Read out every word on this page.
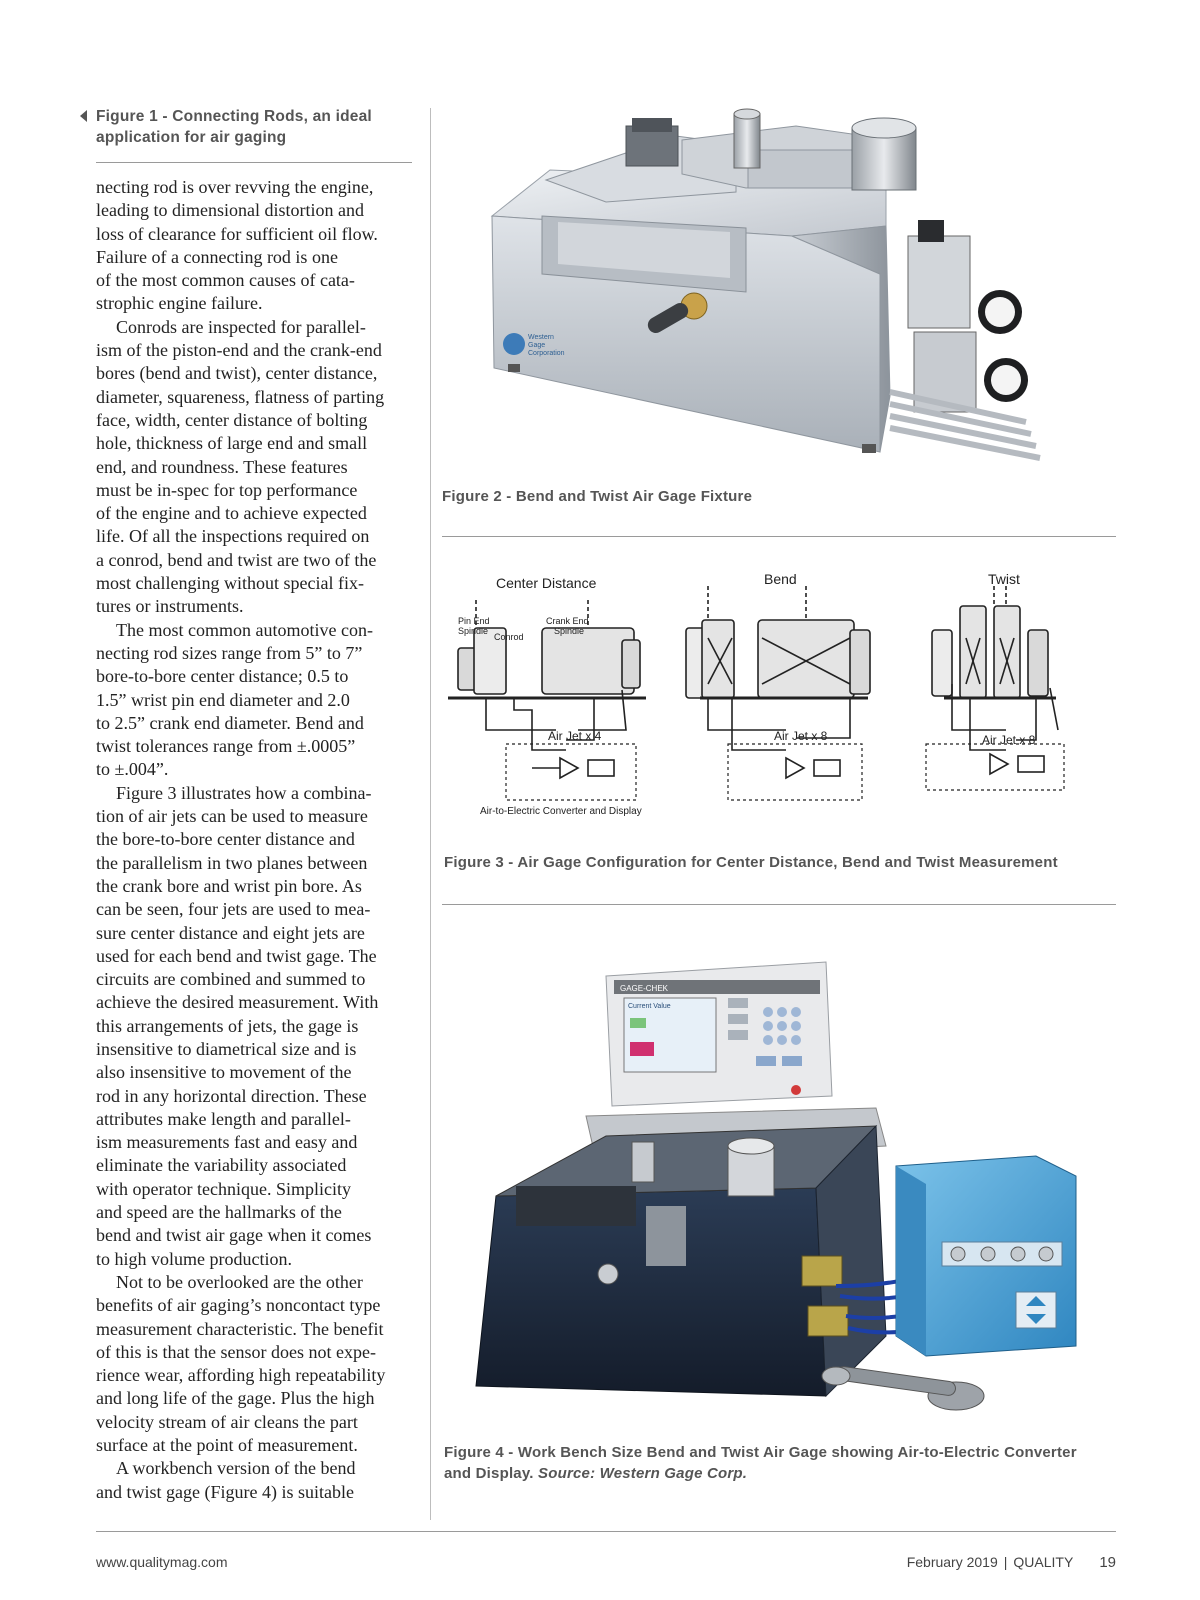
Figure 1 - Connecting Rods, an ideal
application for air gaging
necting rod is over revving the engine,
leading to dimensional distortion and
loss of clearance for sufficient oil flow.
Failure of a connecting rod is one
of the most common causes of cata-
strophic engine failure.
Conrods are inspected for parallel-
ism of the piston-end and the crank-end
bores (bend and twist), center distance,
diameter, squareness, flatness of parting
face, width, center distance of bolting
hole, thickness of large end and small
end, and roundness. These features
must be in-spec for top performance
of the engine and to achieve expected
life. Of all the inspections required on
a conrod, bend and twist are two of the
most challenging without special fix-
tures or instruments.
The most common automotive con-
necting rod sizes range from 5” to 7”
bore-to-bore center distance; 0.5 to
1.5” wrist pin end diameter and 2.0
to 2.5” crank end diameter. Bend and
twist tolerances range from ±.0005”
to ±.004”.
Figure 3 illustrates how a combina-
tion of air jets can be used to measure
the bore-to-bore center distance and
the parallelism in two planes between
the crank bore and wrist pin bore. As
can be seen, four jets are used to mea-
sure center distance and eight jets are
used for each bend and twist gage. The
circuits are combined and summed to
achieve the desired measurement. With
this arrangements of jets, the gage is
insensitive to diametrical size and is
also insensitive to movement of the
rod in any horizontal direction. These
attributes make length and parallel-
ism measurements fast and easy and
eliminate the variability associated
with operator technique. Simplicity
and speed are the hallmarks of the
bend and twist air gage when it comes
to high volume production.
Not to be overlooked are the other
benefits of air gaging’s noncontact type
measurement characteristic. The benefit
of this is that the sensor does not expe-
rience wear, affording high repeatability
and long life of the gage. Plus the high
velocity stream of air cleans the part
surface at the point of measurement.
A workbench version of the bend
and twist gage (Figure 4) is suitable
Western
Gage
Corporation
Figure 2 - Bend and Twist Air Gage Fixture
Center Distance	Bend	Twist
Pin End
Spindle
Conrod
Crank End
Spindle
Air Jet x 4	Air Jet x 8	Air Jet x 8
Air-to-Electric Converter and Display
Figure 3 - Air Gage Configuration for Center Distance, Bend and Twist Measurement
GAGE-CHEK
Current Value
Figure 4 - Work Bench Size Bend and Twist Air Gage showing Air-to-Electric Converter
and Display. Source: Western Gage Corp.
www.qualitymag.com	February 2019 | QUALITY 19
